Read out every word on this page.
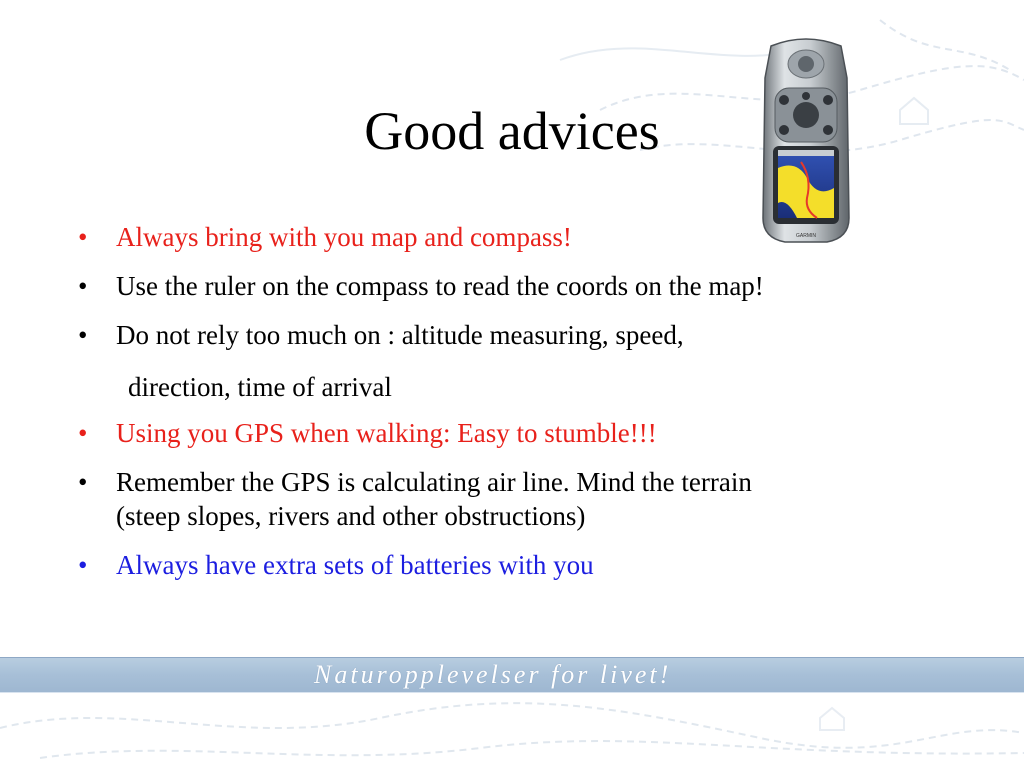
Good advices
GARMIN
• Always bring with you map and compass!
• Use the ruler on the compass to read the coords on the map!
• Do not rely too much on : altitude measuring, speed,
• Using you GPS when walking: Easy to stumble!!!
• Remember the GPS is calculating air line. Mind the terrain
(steep slopes, rivers and other obstructions)
• Always have extra sets of batteries with you
direction, time of arrival
Naturopplevelser for livet!
